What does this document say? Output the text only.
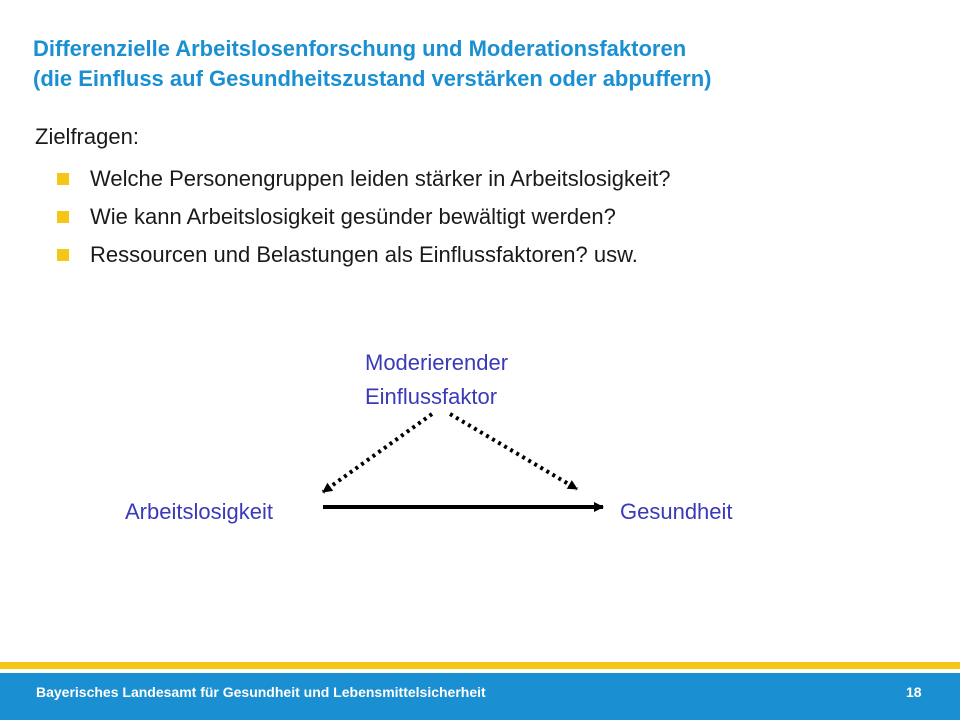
Differenzielle Arbeitslosenforschung und Moderationsfaktoren
(die Einfluss auf Gesundheitszustand verstärken oder abpuffern)
Zielfragen:
Welche Personengruppen leiden stärker in Arbeitslosigkeit?
Wie kann Arbeitslosigkeit gesünder bewältigt werden?
Ressourcen und Belastungen als Einflussfaktoren? usw.
Moderierender
Einflussfaktor
Arbeitslosigkeit	Gesundheit
Bayerisches Landesamt für Gesundheit und Lebensmittelsicherheit	18
